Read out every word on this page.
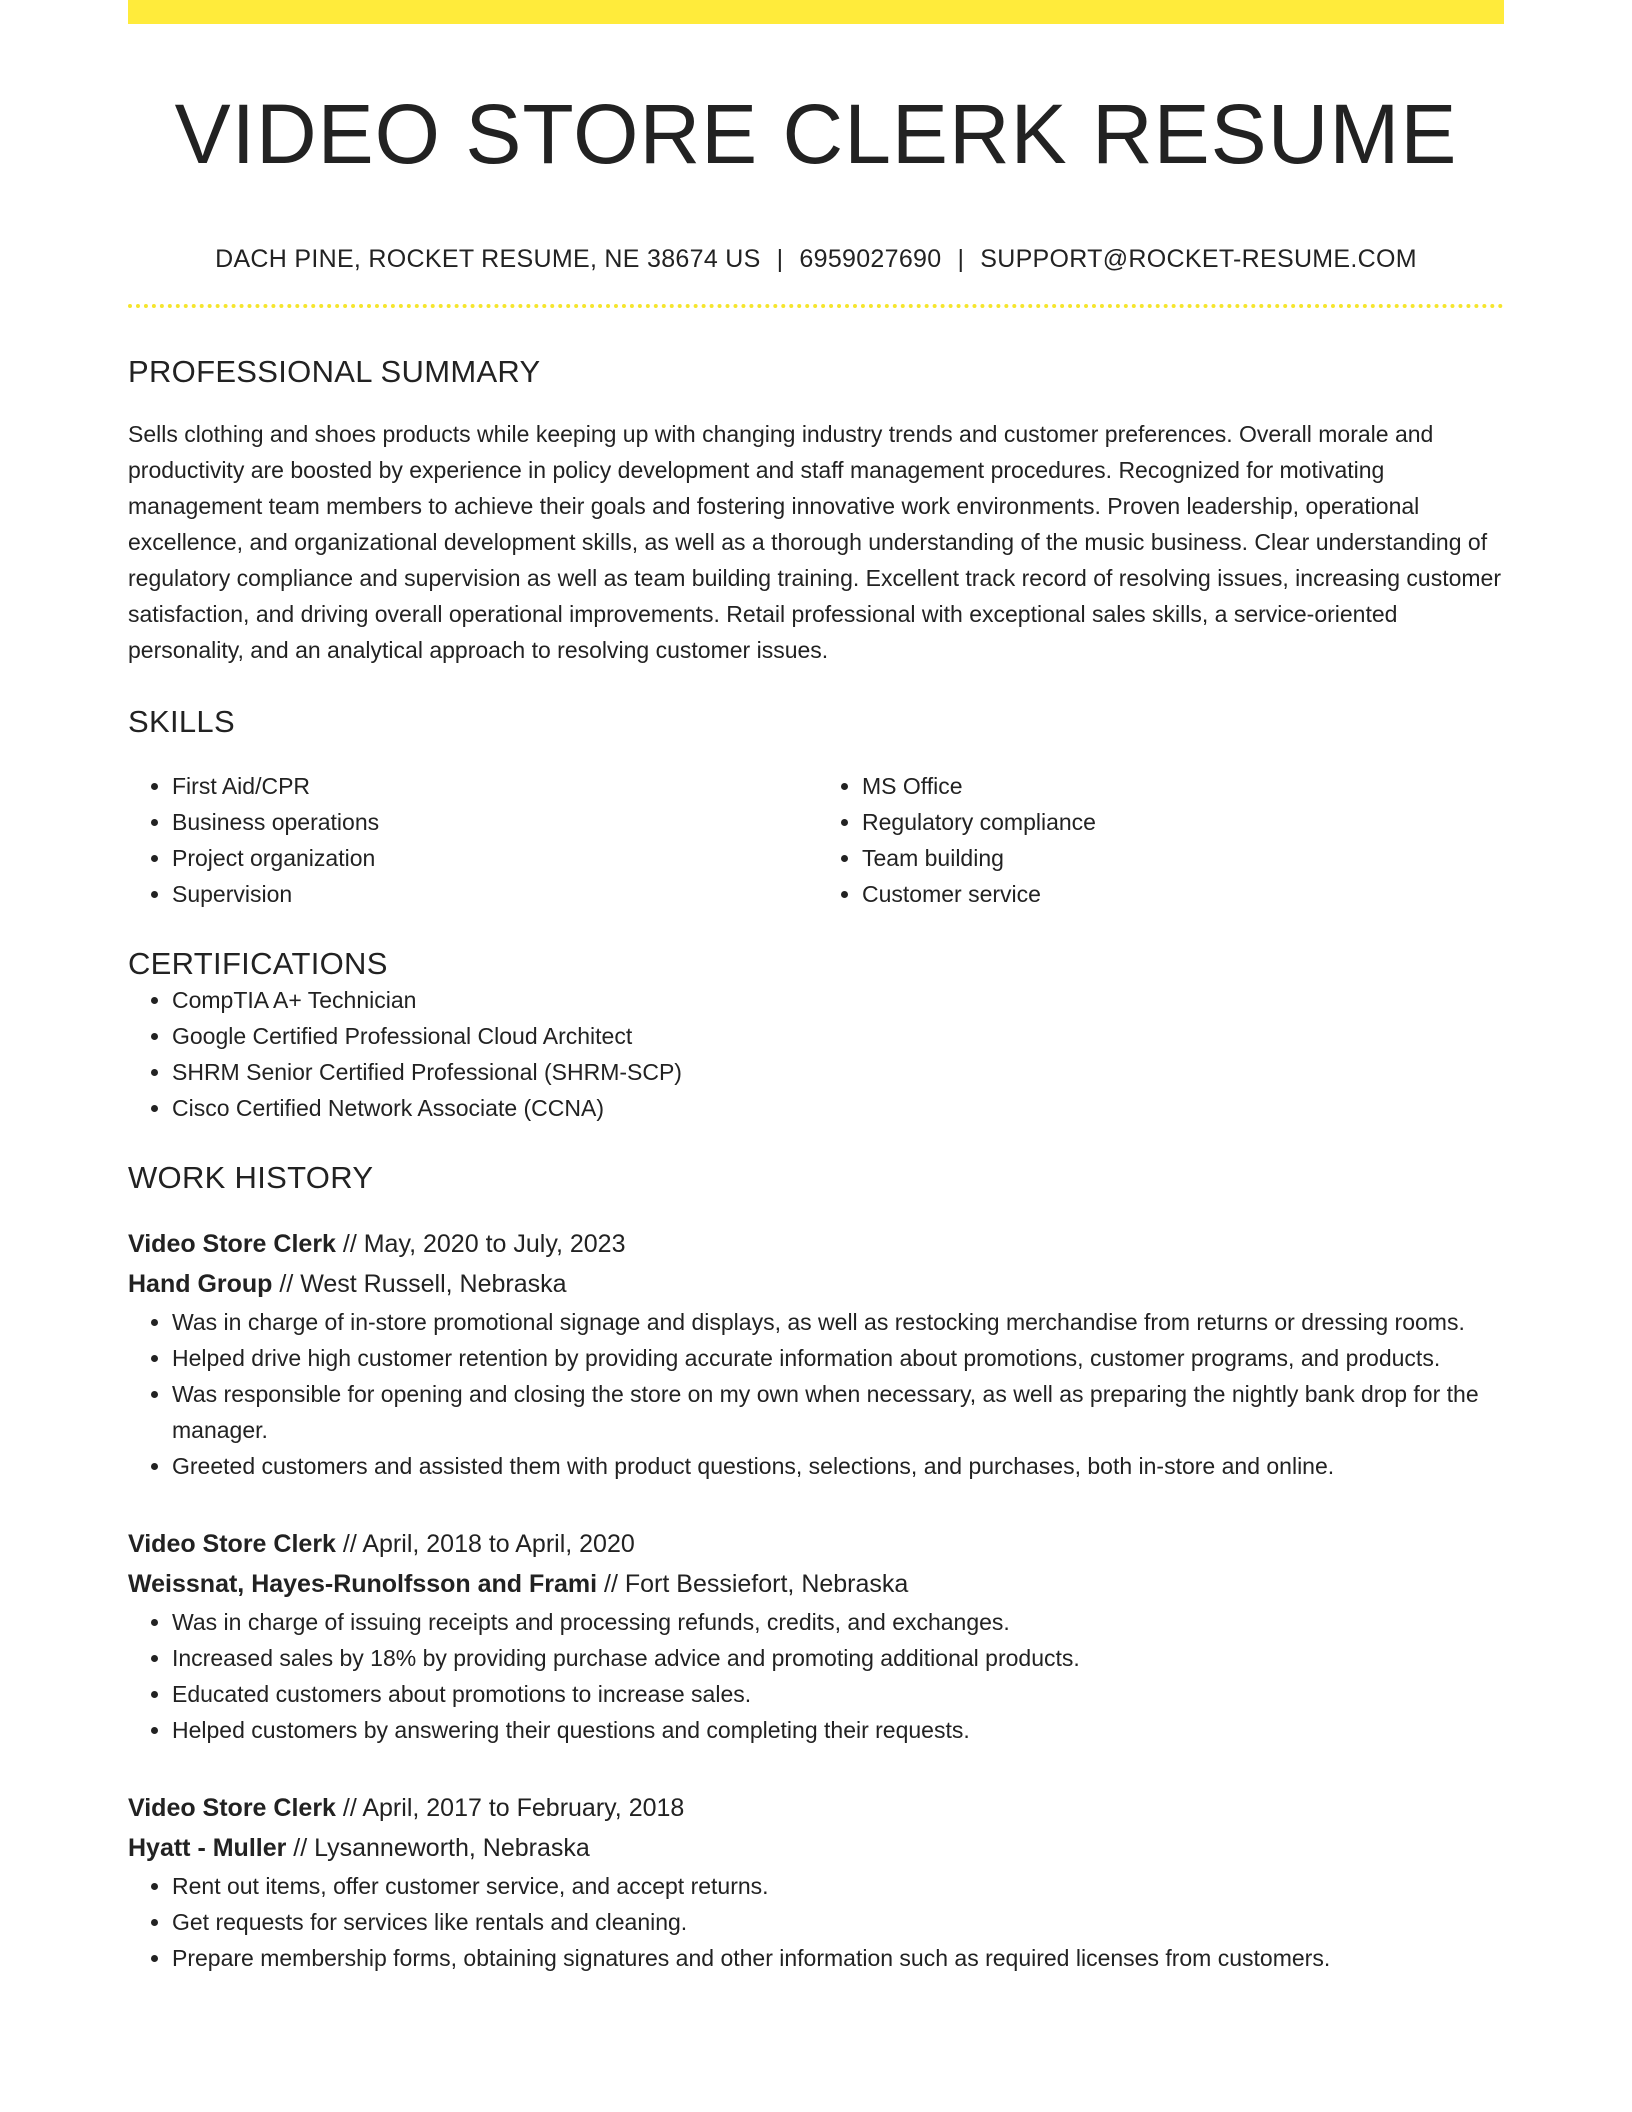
VIDEO STORE CLERK RESUME
DACH PINE, ROCKET RESUME, NE 38674 US | 6959027690 | SUPPORT@ROCKET-RESUME.COM
PROFESSIONAL SUMMARY

Sells clothing and shoes products while keeping up with changing industry trends and customer preferences. Overall morale and productivity are boosted by experience in policy development and staff management procedures. Recognized for motivating management team members to achieve their goals and fostering innovative work environments. Proven leadership, operational excellence, and organizational development skills, as well as a thorough understanding of the music business. Clear understanding of regulatory compliance and supervision as well as team building training. Excellent track record of resolving issues, increasing customer satisfaction, and driving overall operational improvements. Retail professional with exceptional sales skills, a service-oriented personality, and an analytical approach to resolving customer issues.

SKILLS
• First Aid/CPR
• Business operations
• Project organization
• Supervision
• MS Office
• Regulatory compliance
• Team building
• Customer service
CERTIFICATIONS
• CompTIA A+ Technician
• Google Certified Professional Cloud Architect
• SHRM Senior Certified Professional (SHRM-SCP)
• Cisco Certified Network Associate (CCNA)
WORK HISTORY
Video Store Clerk // May, 2020 to July, 2023
Hand Group // West Russell, Nebraska
• Was in charge of in-store promotional signage and displays, as well as restocking merchandise from returns or dressing rooms.
• Helped drive high customer retention by providing accurate information about promotions, customer programs, and products.
• Was responsible for opening and closing the store on my own when necessary, as well as preparing the nightly bank drop for the manager.
• Greeted customers and assisted them with product questions, selections, and purchases, both in-store and online.
Video Store Clerk // April, 2018 to April, 2020
Weissnat, Hayes-Runolfsson and Frami // Fort Bessiefort, Nebraska
• Was in charge of issuing receipts and processing refunds, credits, and exchanges.
• Increased sales by 18% by providing purchase advice and promoting additional products.
• Educated customers about promotions to increase sales.
• Helped customers by answering their questions and completing their requests.
Video Store Clerk // April, 2017 to February, 2018
Hyatt - Muller // Lysanneworth, Nebraska
• Rent out items, offer customer service, and accept returns.
• Get requests for services like rentals and cleaning.
• Prepare membership forms, obtaining signatures and other information such as required licenses from customers.
